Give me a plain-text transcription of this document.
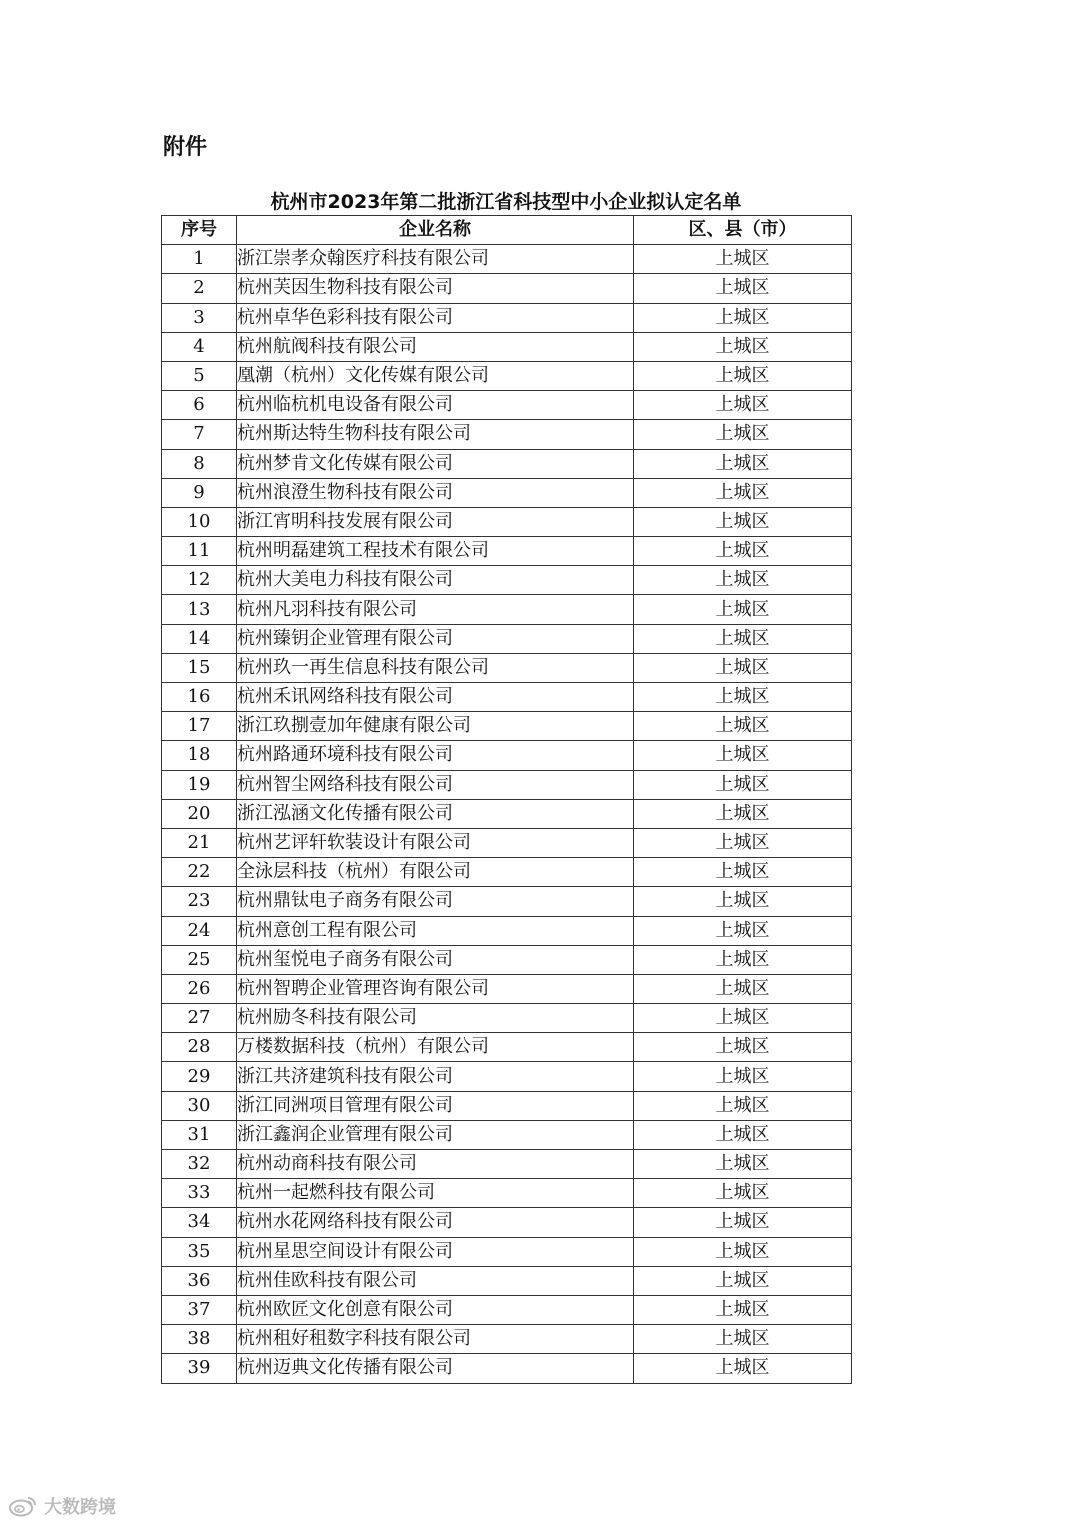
附件
杭州市2023年第二批浙江省科技型中小企业拟认定名单
序号	企业名称	区、县（市）
1	浙江崇孝众翰医疗科技有限公司	上城区
2	杭州芙因生物科技有限公司	上城区
3	杭州卓华色彩科技有限公司	上城区
4	杭州航阀科技有限公司	上城区
5	凰潮（杭州）文化传媒有限公司	上城区
6	杭州临杭机电设备有限公司	上城区
7	杭州斯达特生物科技有限公司	上城区
8	杭州梦肯文化传媒有限公司	上城区
9	杭州浪澄生物科技有限公司	上城区
10	浙江宵明科技发展有限公司	上城区
11	杭州明磊建筑工程技术有限公司	上城区
12	杭州大美电力科技有限公司	上城区
13	杭州凡羽科技有限公司	上城区
14	杭州臻钥企业管理有限公司	上城区
15	杭州玖一再生信息科技有限公司	上城区
16	杭州禾讯网络科技有限公司	上城区
17	浙江玖捌壹加年健康有限公司	上城区
18	杭州路通环境科技有限公司	上城区
19	杭州智尘网络科技有限公司	上城区
20	浙江泓涵文化传播有限公司	上城区
21	杭州艺评轩软装设计有限公司	上城区
22	全泳层科技（杭州）有限公司	上城区
23	杭州鼎钛电子商务有限公司	上城区
24	杭州意创工程有限公司	上城区
25	杭州玺悦电子商务有限公司	上城区
26	杭州智聘企业管理咨询有限公司	上城区
27	杭州励冬科技有限公司	上城区
28	万楼数据科技（杭州）有限公司	上城区
29	浙江共济建筑科技有限公司	上城区
30	浙江同洲项目管理有限公司	上城区
31	浙江鑫润企业管理有限公司	上城区
32	杭州动商科技有限公司	上城区
33	杭州一起燃科技有限公司	上城区
34	杭州水花网络科技有限公司	上城区
35	杭州星思空间设计有限公司	上城区
36	杭州佳欧科技有限公司	上城区
37	杭州欧匠文化创意有限公司	上城区
38	杭州租好租数字科技有限公司	上城区
39	杭州迈典文化传播有限公司	上城区
大数跨境
